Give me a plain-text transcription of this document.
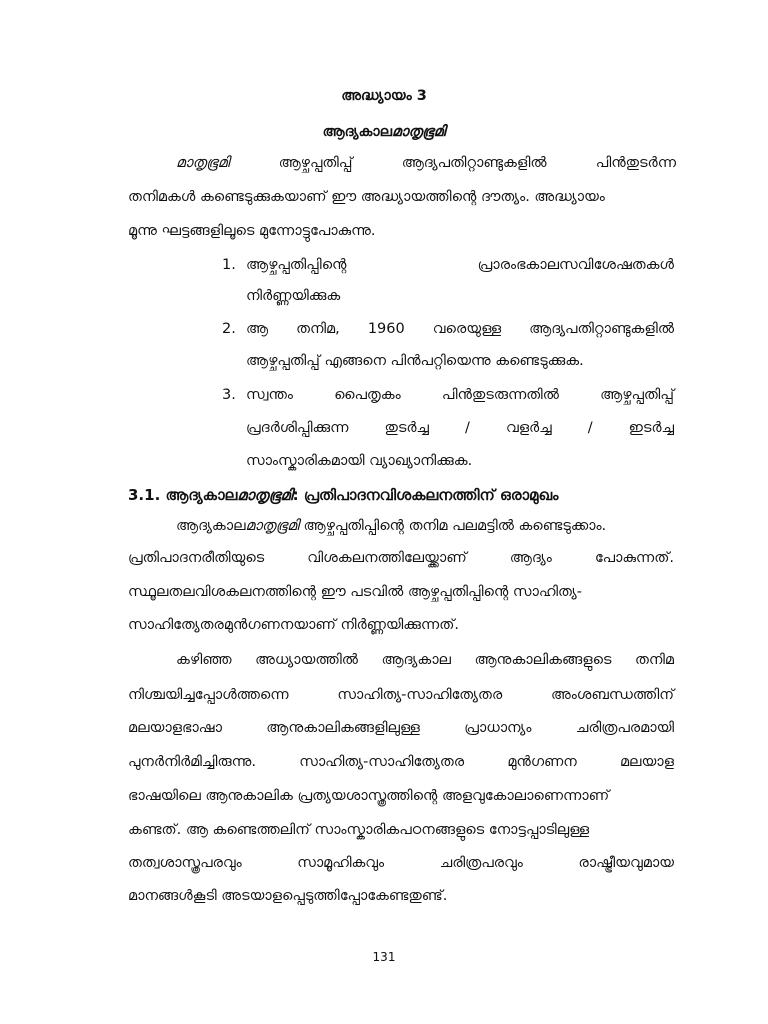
അദ്ധ്യായം 3
ആദ്യകാലമാതൃഭൂമി
മാതൃഭൂമി	ആഴ്ചപ്പതിപ്പ്	ആദ്യപതിറ്റാണ്ടുകളിൽ	പിൻതുടർന്ന
തനിമകൾ കണ്ടെടുക്കുകയാണ് ഈ അദ്ധ്യായത്തിന്റെ ദൗത്യം. അദ്ധ്യായം
മൂന്നു ഘട്ടങ്ങളിലൂടെ മുന്നോട്ടുപോകുന്നു.
1. ആഴ്ചപ്പതിപ്പിന്റെ	പ്രാരംഭകാലസവിശേഷതകൾ
നിർണ്ണയിക്കുക
2. ആ തനിമ, 1960 വരെയുള്ള ആദ്യപതിറ്റാണ്ടുകളിൽ
ആഴ്ചപ്പതിപ്പ് എങ്ങനെ പിൻപറ്റിയെന്നു കണ്ടെടുക്കുക.
3. സ്വന്തം	പൈതൃകം	പിൻതുടരുന്നതിൽ	ആഴ്ചപ്പതിപ്പ്
പ്രദർശിപ്പിക്കുന്ന തുടർച്ച / വളർച്ച / ഇടർച്ച
സാംസ്കാരികമായി വ്യാഖ്യാനിക്കുക.
3.1. ആദ്യകാലമാതൃഭൂമി: പ്രതിപാദനവിശകലനത്തിന് ഒരാമുഖം
ആദ്യകാലമാതൃഭൂമി ആഴ്ചപ്പതിപ്പിന്റെ തനിമ പലമട്ടിൽ കണ്ടെടുക്കാം.
പ്രതിപാദനരീതിയുടെ	വിശകലനത്തിലേയ്ക്കാണ്	ആദ്യം	പോകുന്നത്.
സ്ഥൂലതലവിശകലനത്തിന്റെ ഈ പടവിൽ ആഴ്ചപ്പതിപ്പിന്റെ സാഹിത്യ-
സാഹിത്യേതരമുൻഗണനയാണ് നിർണ്ണയിക്കുന്നത്.
കഴിഞ്ഞ അധ്യായത്തിൽ ആദ്യകാല ആനുകാലികങ്ങളുടെ തനിമ
നിശ്ചയിച്ചപ്പോൾത്തന്നെ	സാഹിത്യ-സാഹിത്യേതര	അംശബന്ധത്തിന്
മലയാളഭാഷാ	ആനുകാലികങ്ങളിലുള്ള	പ്രാധാന്യം	ചരിത്രപരമായി
പുനർനിർമിച്ചിരുന്നു.	സാഹിത്യ-സാഹിത്യേതര	മുൻഗണന	മലയാള
ഭാഷയിലെ ആനുകാലിക പ്രത്യയശാസ്ത്രത്തിന്റെ അളവുകോലാണെന്നാണ്
കണ്ടത്. ആ കണ്ടെത്തലിന് സാംസ്കാരികപഠനങ്ങളുടെ നോട്ടപ്പാടിലുള്ള
തത്വശാസ്ത്രപരവും	സാമൂഹികവും	ചരിത്രപരവും	രാഷ്ട്രീയവുമായ
മാനങ്ങൾകൂടി അടയാളപ്പെടുത്തിപ്പോകേണ്ടതുണ്ട്.
131
